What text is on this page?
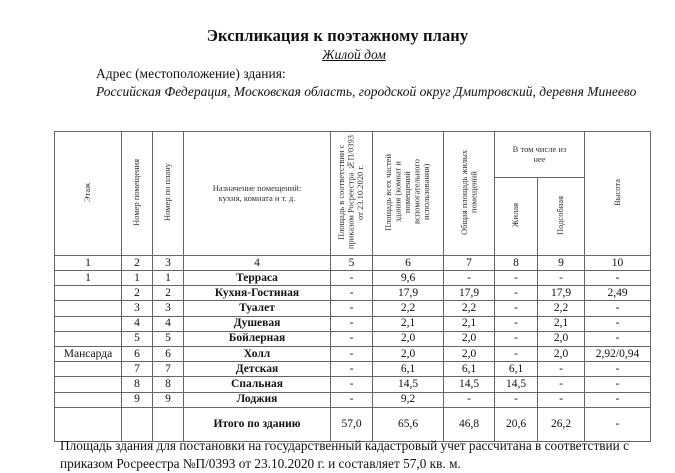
Экспликация к поэтажному плану
Жилой дом
Адрес (местоположение) здания:
Российская Федерация, Московская область, городской округ Дмитровский, деревня Минеево
Этаж	Номер помещения	Номер по плану	Назначение помещений: кухня, комната и т. д.	Площадь в соответствии с приказом Росреестра №П/0393 от 23.10.2020 г.	Площадь всех частей здания (комнат и помещений вспомогательного использования)	Общая площадь жилых помещений	В том числе из нее		Высота
							Жилая	Подсобная	
1	2	3	4	5	6	7	8	9	10
1	1	1	Терраса	-	9,6	-	-	-	-
	2	2	Кухня-Гостиная	-	17,9	17,9	-	17,9	2,49
	3	3	Туалет	-	2,2	2,2	-	2,2	-
	4	4	Душевая	-	2,1	2,1	-	2,1	-
	5	5	Бойлерная	-	2,0	2,0	-	2,0	-
Мансарда	6	6	Холл	-	2,0	2,0	-	2,0	2,92/0,94
	7	7	Детская	-	6,1	6,1	6,1	-	-
	8	8	Спальная	-	14,5	14,5	14,5	-	-
	9	9	Лоджия	-	9,2	-	-	-	-
			Итого по зданию	57,0	65,6	46,8	20,6	26,2	-
Площадь здания для постановки на государственный кадастровый учет рассчитана в соответствии с приказом Росреестра №П/0393 от 23.10.2020 г. и составляет 57,0 кв. м.
